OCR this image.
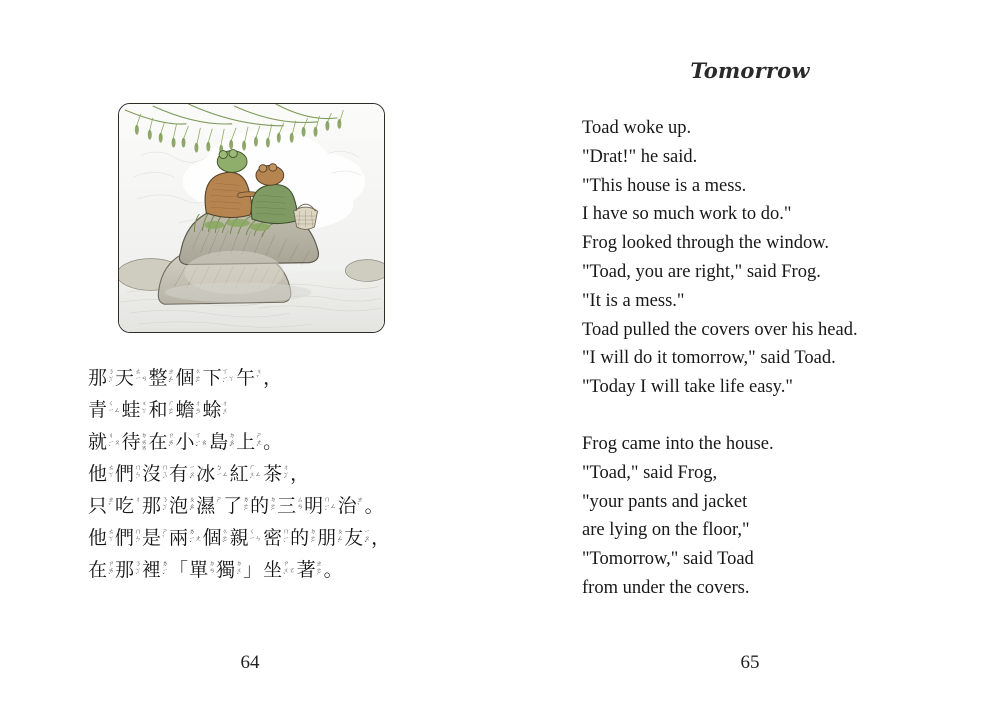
那 ㄋ
ㄚ
ˋ 天 ㄊ
ㄧㄢ 整 ㄓ
ㄥ
ˇ 個 ㄍ
ㄜ
ˋ 下 ㄒ
ㄧㄚ
ˋ 午 ㄨ
ˇ ，
青 ㄑ
ㄧㄥ 蛙 ㄨ
ㄚ 和 ㄏ
ㄜ
ˊ 蟾 ㄔ
ㄢ
ˊ 蜍 ㄔ
ㄨ
ˊ
就 ㄐ
ㄧㄡ
ˋ 待 ㄉ
ㄞ
ㄞ 在 ㄗ
ㄞ
ˋ 小 ㄒ
ㄧㄠ
ˇ 島 ㄉ
ㄠ
ˇ 上 ㄕ
ㄤ
ˋ 。
他 ㄊ
ㄚ 們 ㄇ
ㄣ
˙ 沒 ㄇ
ㄟ
ˊ 有 ㄧ
ㄡ
ˇ 冰 ㄅ
ㄧㄥ 紅 ㄏ
ㄨㄥ
ˊ 茶 ㄔ
ㄚ
ˊ ，
只 ㄓ
ˇ 吃 ㄔ 那 ㄋ
ㄚ
ˋ 泡 ㄆ
ㄠ
ˋ 濕 ㄕ 了 ㄌ
ㄜ
˙ 的 ㄉ
ㄜ
˙ 三 ㄙ
ㄢ 明 ㄇ
ㄧㄥ
ˊ 治 ㄓ
ˋ 。
他 ㄊ
ㄚ 們 ㄇ
ㄣ
˙ 是 ㄕ
ˋ 兩 ㄌ
ㄧㄤ
ˇ 個 ㄍ
ㄜ
ˋ 親 ㄑ
ㄧㄣ 密 ㄇ
ㄧ
ˋ 的 ㄉ
ㄜ
˙ 朋 ㄆ
ㄥ
ˊ 友 ㄧ
ㄡ
ˇ ，
在 ㄗ
ㄞ
ˋ 那 ㄋ
ㄚ
ˋ 裡 ㄌ
ㄧ
ˇ 「 單 ㄉ
ㄢ 獨 ㄉ
ㄨ
ˊ 」 坐 ㄗ
ㄨㄛ
ˋ 著 ㄓ
ㄜ
˙ 。
64
Tomorrow
Toad woke up.
"Drat!" he said.
"This house is a mess.
I have so much work to do."
Frog looked through the window.
"Toad, you are right," said Frog.
"It is a mess."
Toad pulled the covers over his head.
"I will do it tomorrow," said Toad.
"Today I will take life easy."
Frog came into the house.
"Toad," said Frog,
"your pants and jacket
are lying on the floor,"
"Tomorrow," said Toad
from under the covers.
65
